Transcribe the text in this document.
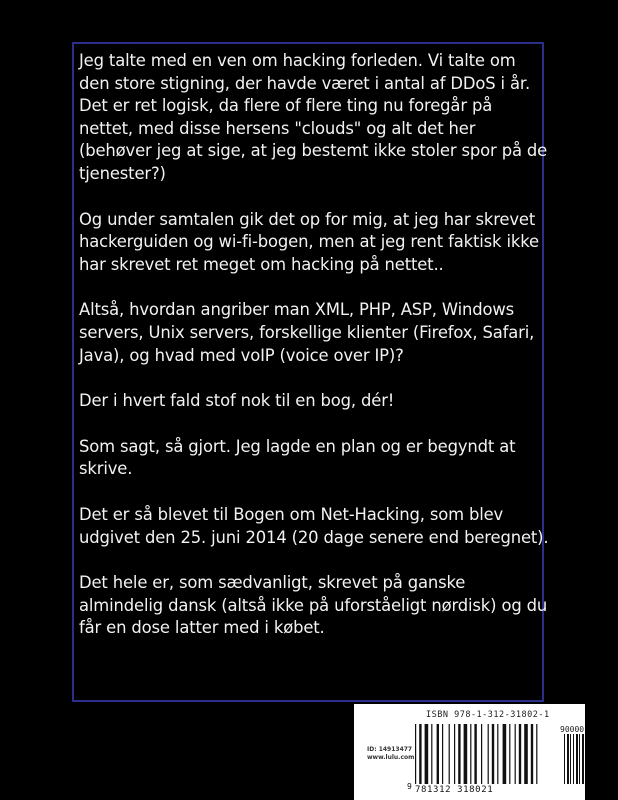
Jeg talte med en ven om hacking forleden. Vi talte om den store stigning, der havde været i antal af DDoS i år. Det er ret logisk, da flere of flere ting nu foregår på nettet, med disse hersens "clouds" og alt det her (behøver jeg at sige, at jeg bestemt ikke stoler spor på de tjenester?)

Og under samtalen gik det op for mig, at jeg har skrevet hackerguiden og wi-fi-bogen, men at jeg rent faktisk ikke har skrevet ret meget om hacking på nettet..

Altså, hvordan angriber man XML, PHP, ASP, Windows servers, Unix servers, forskellige klienter (Firefox, Safari, Java), og hvad med voIP (voice over IP)?

Der i hvert fald stof nok til en bog, dér!

Som sagt, så gjort. Jeg lagde en plan og er begyndt at skrive.

Det er så blevet til Bogen om Net-Hacking, som blev udgivet den 25. juni 2014 (20 dage senere end beregnet).

Det hele er, som sædvanligt, skrevet på ganske almindelig dansk (altså ikke på uforståeligt nørdisk) og du får en dose latter med i købet.

ISBN 978-1-312-31802-1
90000
ID: 14913477
www.lulu.com
9 781312 318021
